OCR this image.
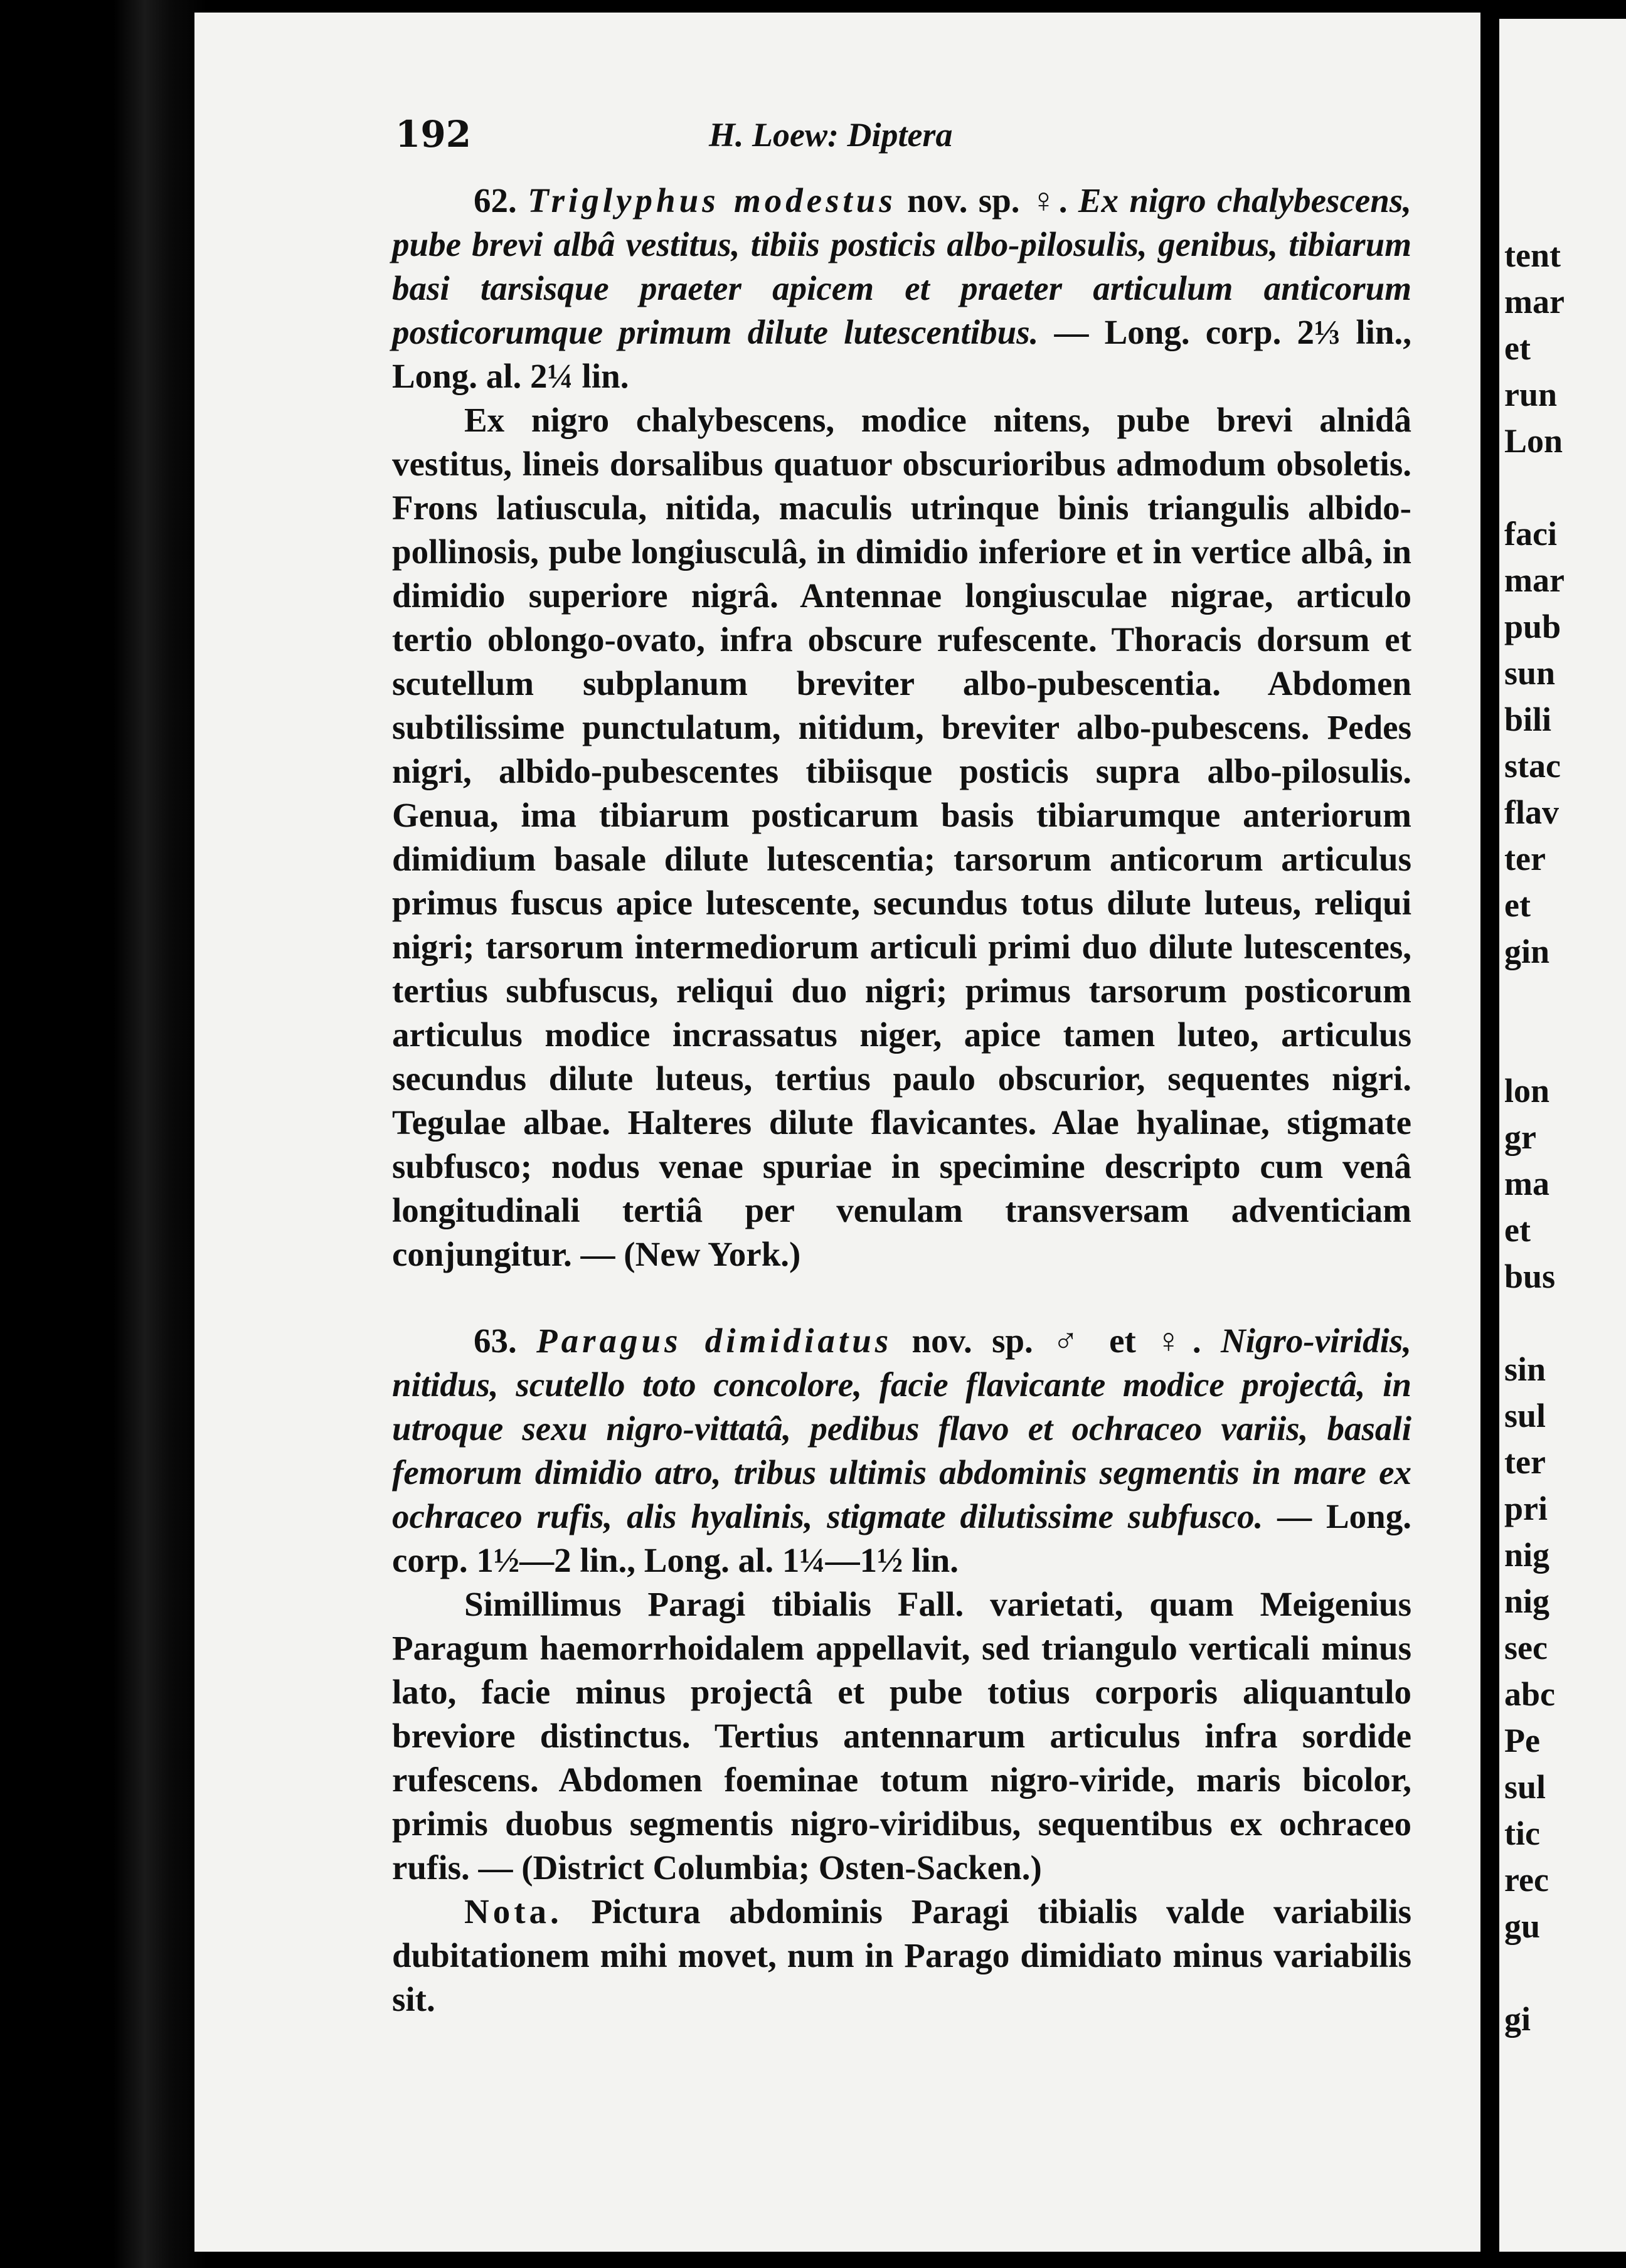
192	H. Loew: Diptera

62. Triglyphus modestus nov. sp. ♀. Ex nigro chalybescens, pube brevi albâ vestitus, tibiis posticis albo-pilosulis, genibus, tibiarum basi tarsisque praeter apicem et praeter articulum anticorum posticorumque primum dilute lutescentibus. — Long. corp. 2⅓ lin., Long. al. 2¼ lin.

Ex nigro chalybescens, modice nitens, pube brevi alnidâ vestitus, lineis dorsalibus quatuor obscurioribus admodum obsoletis. Frons latiuscula, nitida, maculis utrinque binis triangulis albido-pollinosis, pube longiusculâ, in dimidio inferiore et in vertice albâ, in dimidio superiore nigrâ. Antennae longiusculae nigrae, articulo tertio oblongo-ovato, infra obscure rufescente. Thoracis dorsum et scutellum subplanum breviter albo-pubescentia. Abdomen subtilissime punctulatum, nitidum, breviter albo-pubescens. Pedes nigri, albido-pubescentes tibiisque posticis supra albo-pilosulis. Genua, ima tibiarum posticarum basis tibiarumque anteriorum dimidium basale dilute lutescentia; tarsorum anticorum articulus primus fuscus apice lutescente, secundus totus dilute luteus, reliqui nigri; tarsorum intermediorum articuli primi duo dilute lutescentes, tertius subfuscus, reliqui duo nigri; primus tarsorum posticorum articulus modice incrassatus niger, apice tamen luteo, articulus secundus dilute luteus, tertius paulo obscurior, sequentes nigri. Tegulae albae. Halteres dilute flavicantes. Alae hyalinae, stigmate subfusco; nodus venae spuriae in specimine descripto cum venâ longitudinali tertiâ per venulam transversam adventiciam conjungitur. — (New York.)

63. Paragus dimidiatus nov. sp. ♂ et ♀. Nigro-viridis, nitidus, scutello toto concolore, facie flavicante modice projectâ, in utroque sexu nigro-vittatâ, pedibus flavo et ochraceo variis, basali femorum dimidio atro, tribus ultimis abdominis segmentis in mare ex ochraceo rufis, alis hyalinis, stigmate dilutissime subfusco. — Long. corp. 1½—2 lin., Long. al. 1¼—1½ lin.

Simillimus Paragi tibialis Fall. varietati, quam Meigenius Paragum haemorrhoidalem appellavit, sed triangulo verticali minus lato, facie minus projectâ et pube totius corporis aliquantulo breviore distinctus. Tertius antennarum articulus infra sordide rufescens. Abdomen foeminae totum nigro-viride, maris bicolor, primis duobus segmentis nigro-viridibus, sequentibus ex ochraceo rufis. — (District Columbia; Osten-Sacken.)

Nota. Pictura abdominis Paragi tibialis valde variabilis dubitationem mihi movet, num in Parago dimidiato minus variabilis sit.

tent
mar
et
run
Lon

faci
mar
pub
sun
bili
stac
flav
ter
et
gin

lon
gr
ma
et
bus

sin
sul
ter
pri
nig
nig
sec
abc
Pe
sul
tic
rec
gu

gi
